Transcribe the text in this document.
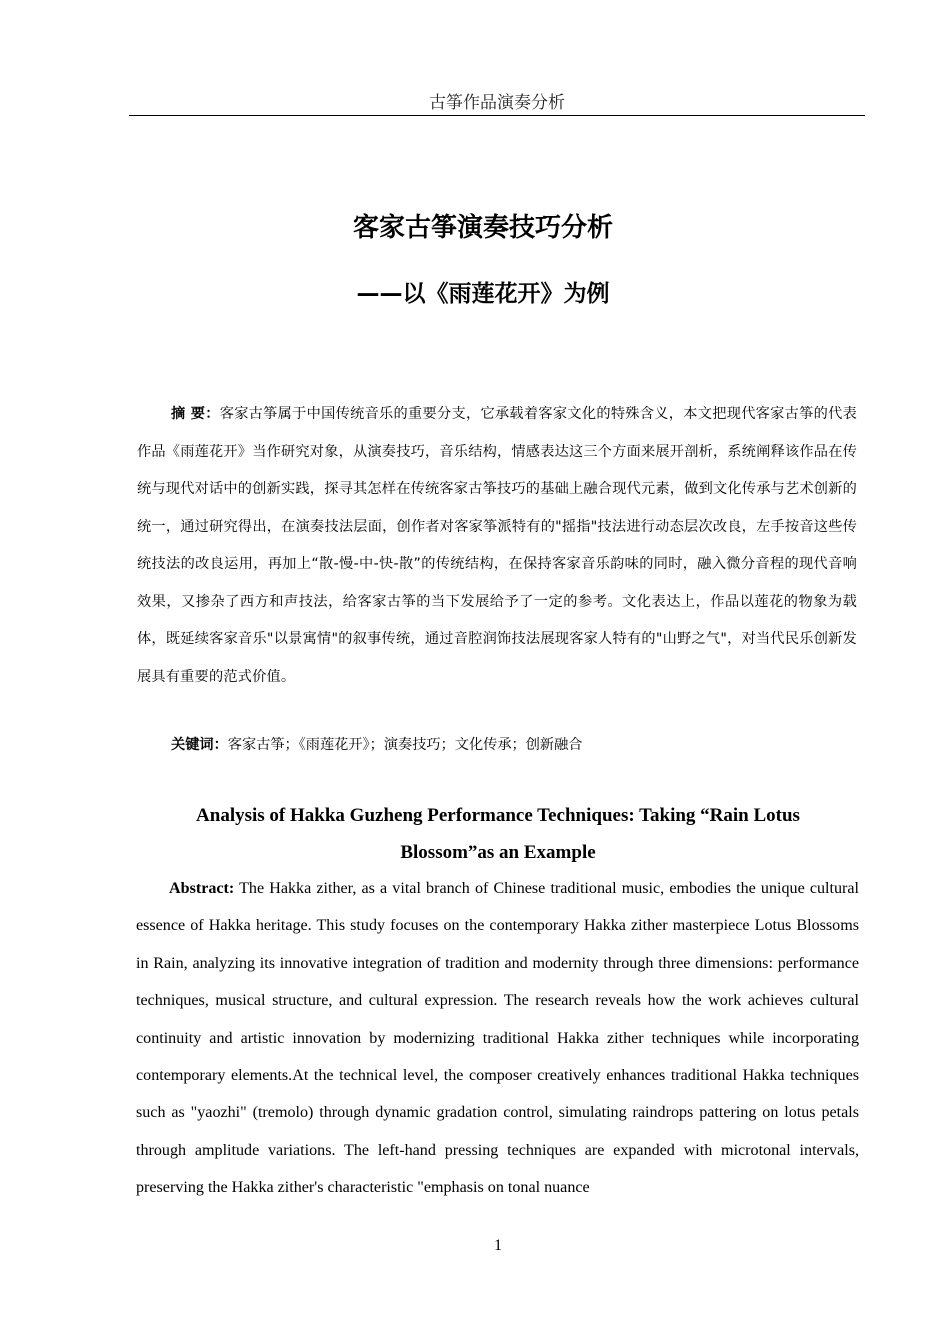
古筝作品演奏分析
客家古筝演奏技巧分析
——以《雨莲花开》为例

摘 要：客家古筝属于中国传统音乐的重要分支，它承载着客家文化的特殊含义，本文把现代客家古筝的代表作品《雨莲花开》当作研究对象，从演奏技巧，音乐结构，情感表达这三个方面来展开剖析，系统阐释该作品在传统与现代对话中的创新实践，探寻其怎样在传统客家古筝技巧的基础上融合现代元素，做到文化传承与艺术创新的统一，通过研究得出，在演奏技法层面，创作者对客家筝派特有的"摇指"技法进行动态层次改良，左手按音这些传统技法的改良运用，再加上“散-慢-中-快-散”的传统结构，在保持客家音乐韵味的同时，融入微分音程的现代音响效果，又掺杂了西方和声技法，给客家古筝的当下发展给予了一定的参考。文化表达上，作品以莲花的物象为载体，既延续客家音乐"以景寓情"的叙事传统，通过音腔润饰技法展现客家人特有的"山野之气"，对当代民乐创新发展具有重要的范式价值。

关键词：客家古筝；《雨莲花开》；演奏技巧；文化传承；创新融合

Analysis of Hakka Guzheng Performance Techniques: Taking “Rain Lotus Blossom”as an Example

Abstract: The Hakka zither, as a vital branch of Chinese traditional music, embodies the unique cultural essence of Hakka heritage. This study focuses on the contemporary Hakka zither masterpiece Lotus Blossoms in Rain, analyzing its innovative integration of tradition and modernity through three dimensions: performance techniques, musical structure, and cultural expression. The research reveals how the work achieves cultural continuity and artistic innovation by modernizing traditional Hakka zither techniques while incorporating contemporary elements.At the technical level, the composer creatively enhances traditional Hakka techniques such as "yaozhi" (tremolo) through dynamic gradation control, simulating raindrops pattering on lotus petals through amplitude variations. The left-hand pressing techniques are expanded with microtonal intervals, preserving the Hakka zither's characteristic "emphasis on tonal nuance

1
